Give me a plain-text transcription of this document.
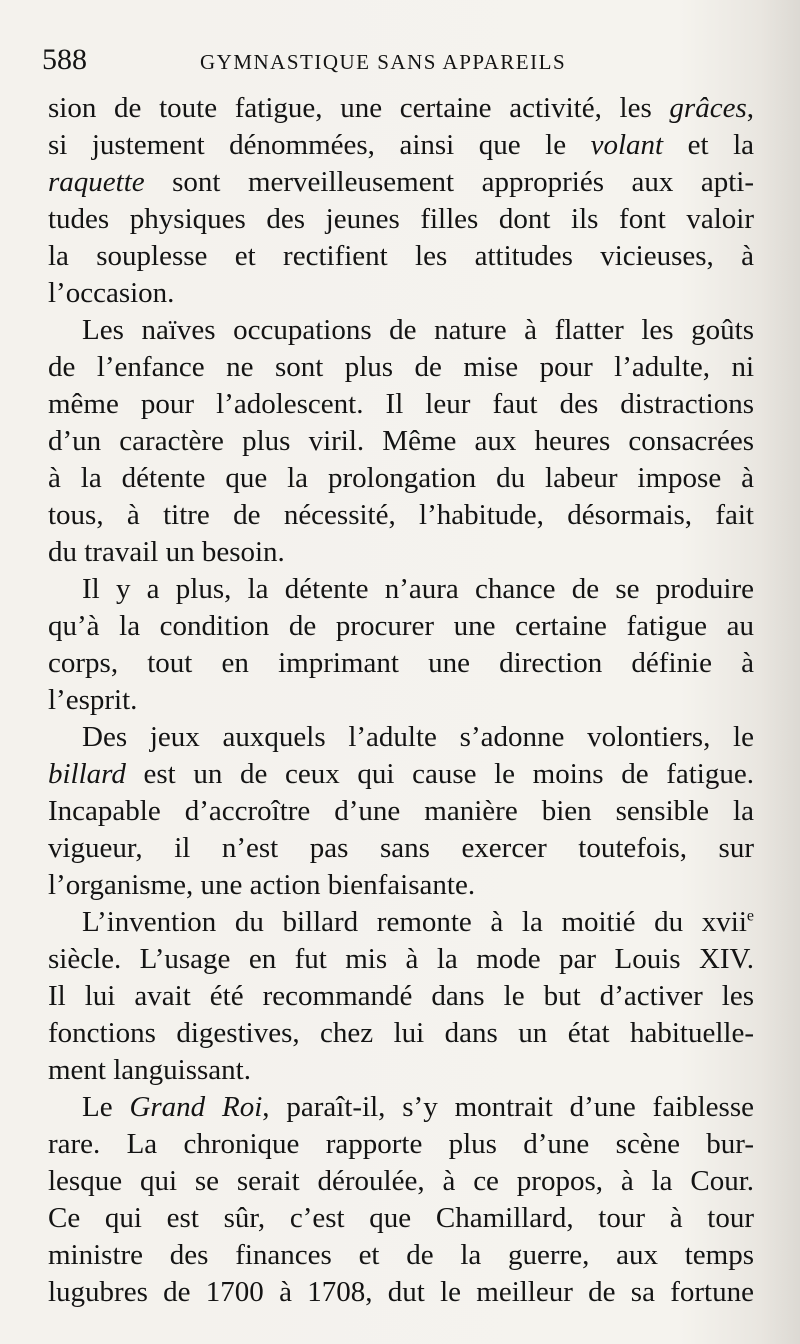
588	GYMNASTIQUE SANS APPAREILS
sion de toute fatigue, une certaine activité, les grâces,
si justement dénommées, ainsi que le volant et la
raquette sont merveilleusement appropriés aux apti-
tudes physiques des jeunes filles dont ils font valoir
la souplesse et rectifient les attitudes vicieuses, à
l’occasion.
Les naïves occupations de nature à flatter les goûts
de l’enfance ne sont plus de mise pour l’adulte, ni
même pour l’adolescent. Il leur faut des distractions
d’un caractère plus viril. Même aux heures consacrées
à la détente que la prolongation du labeur impose à
tous, à titre de nécessité, l’habitude, désormais, fait
du travail un besoin.
Il y a plus, la détente n’aura chance de se produire
qu’à la condition de procurer une certaine fatigue au
corps, tout en imprimant une direction définie à
l’esprit.
Des jeux auxquels l’adulte s’adonne volontiers, le
billard est un de ceux qui cause le moins de fatigue.
Incapable d’accroître d’une manière bien sensible la
vigueur, il n’est pas sans exercer toutefois, sur
l’organisme, une action bienfaisante.
L’invention du billard remonte à la moitié du xvii$^e$
siècle. L’usage en fut mis à la mode par Louis XIV.
Il lui avait été recommandé dans le but d’activer les
fonctions digestives, chez lui dans un état habituelle-
ment languissant.
Le Grand Roi, paraît-il, s’y montrait d’une faiblesse
rare. La chronique rapporte plus d’une scène bur-
lesque qui se serait déroulée, à ce propos, à la Cour.
Ce qui est sûr, c’est que Chamillard, tour à tour
ministre des finances et de la guerre, aux temps
lugubres de 1700 à 1708, dut le meilleur de sa fortune
